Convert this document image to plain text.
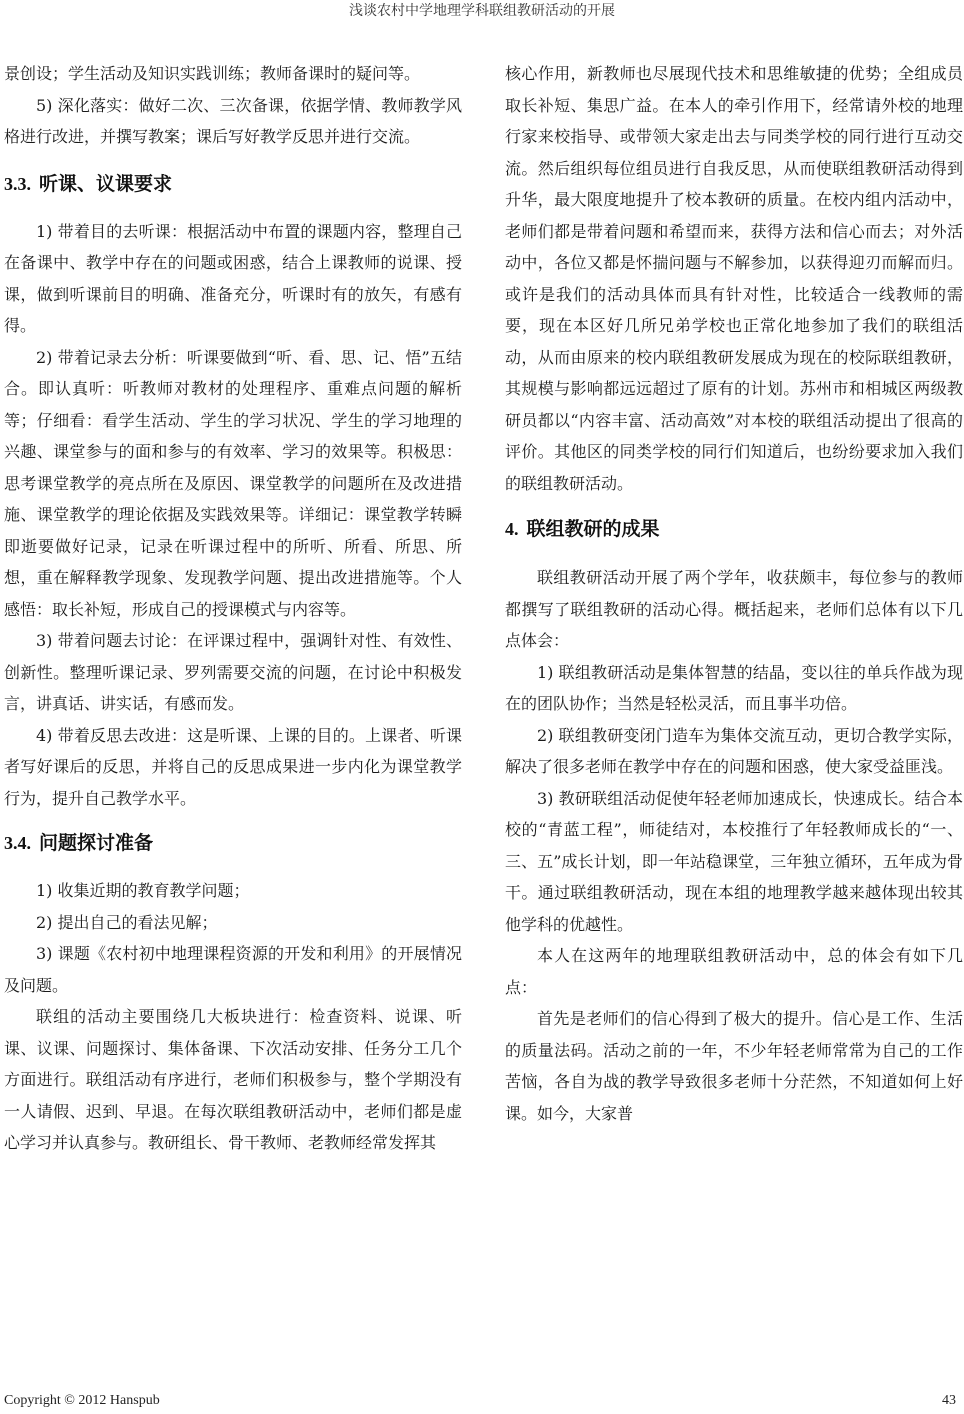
浅谈农村中学地理学科联组教研活动的开展

景创设；学生活动及知识实践训练；教师备课时的疑问等。

5) 深化落实：做好二次、三次备课，依据学情、教师教学风格进行改进，并撰写教案；课后写好教学反思并进行交流。

3.3. 听课、议课要求

1) 带着目的去听课：根据活动中布置的课题内容，整理自己在备课中、教学中存在的问题或困惑，结合上课教师的说课、授课，做到听课前目的明确、准备充分，听课时有的放矢，有感有得。

2) 带着记录去分析：听课要做到“听、看、思、记、悟”五结合。即认真听：听教师对教材的处理程序、重难点问题的解析等；仔细看：看学生活动、学生的学习状况、学生的学习地理的兴趣、课堂参与的面和参与的有效率、学习的效果等。积极思：思考课堂教学的亮点所在及原因、课堂教学的问题所在及改进措施、课堂教学的理论依据及实践效果等。详细记：课堂教学转瞬即逝要做好记录，记录在听课过程中的所听、所看、所思、所想，重在解释教学现象、发现教学问题、提出改进措施等。个人感悟：取长补短，形成自己的授课模式与内容等。

3) 带着问题去讨论：在评课过程中，强调针对性、有效性、创新性。整理听课记录、罗列需要交流的问题，在讨论中积极发言，讲真话、讲实话，有感而发。

4) 带着反思去改进：这是听课、上课的目的。上课者、听课者写好课后的反思，并将自己的反思成果进一步内化为课堂教学行为，提升自己教学水平。

3.4. 问题探讨准备

1) 收集近期的教育教学问题；

2) 提出自己的看法见解；

3) 课题《农村初中地理课程资源的开发和利用》的开展情况及问题。

联组的活动主要围绕几大板块进行：检查资料、说课、听课、议课、问题探讨、集体备课、下次活动安排、任务分工几个方面进行。联组活动有序进行，老师们积极参与，整个学期没有一人请假、迟到、早退。在每次联组教研活动中，老师们都是虚心学习并认真参与。教研组长、骨干教师、老教师经常发挥其

核心作用，新教师也尽展现代技术和思维敏捷的优势；全组成员取长补短、集思广益。在本人的牵引作用下，经常请外校的地理行家来校指导、或带领大家走出去与同类学校的同行进行互动交流。然后组织每位组员进行自我反思，从而使联组教研活动得到升华，最大限度地提升了校本教研的质量。在校内组内活动中，老师们都是带着问题和希望而来，获得方法和信心而去；对外活动中，各位又都是怀揣问题与不解参加，以获得迎刃而解而归。或许是我们的活动具体而具有针对性，比较适合一线教师的需要，现在本区好几所兄弟学校也正常化地参加了我们的联组活动，从而由原来的校内联组教研发展成为现在的校际联组教研，其规模与影响都远远超过了原有的计划。苏州市和相城区两级教研员都以“内容丰富、活动高效”对本校的联组活动提出了很高的评价。其他区的同类学校的同行们知道后，也纷纷要求加入我们的联组教研活动。

4. 联组教研的成果

联组教研活动开展了两个学年，收获颇丰，每位参与的教师都撰写了联组教研的活动心得。概括起来，老师们总体有以下几点体会：

1) 联组教研活动是集体智慧的结晶，变以往的单兵作战为现在的团队协作；当然是轻松灵活，而且事半功倍。

2) 联组教研变闭门造车为集体交流互动，更切合教学实际，解决了很多老师在教学中存在的问题和困惑，使大家受益匪浅。

3) 教研联组活动促使年轻老师加速成长，快速成长。结合本校的“青蓝工程”，师徒结对，本校推行了年轻教师成长的“一、三、五”成长计划，即一年站稳课堂，三年独立循环，五年成为骨干。通过联组教研活动，现在本组的地理教学越来越体现出较其他学科的优越性。

本人在这两年的地理联组教研活动中，总的体会有如下几点：

首先是老师们的信心得到了极大的提升。信心是工作、生活的质量法码。活动之前的一年，不少年轻老师常常为自己的工作苦恼，各自为战的教学导致很多老师十分茫然，不知道如何上好课。如今，大家普

Copyright © 2012 Hanspub	43
